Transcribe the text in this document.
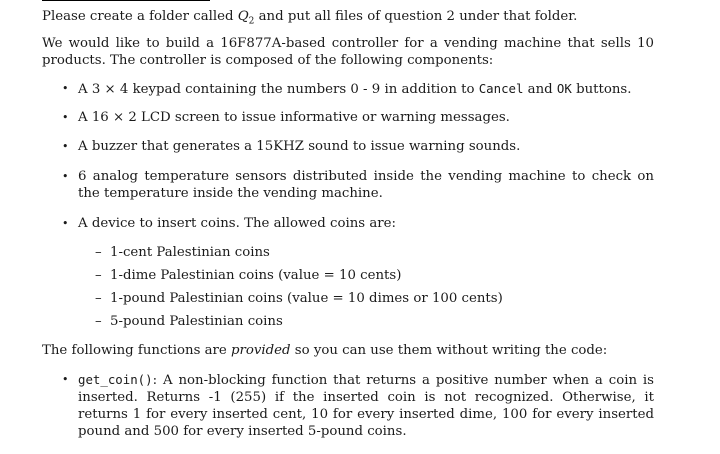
Please create a folder called $Q_2$ and put all files of question 2 under that folder.

We would like to build a 16F877A-based controller for a vending machine that sells 10 products. The controller is composed of the following components:

• A 3 × 4 keypad containing the numbers 0 - 9 in addition to Cancel and OK buttons.

• A 16 × 2 LCD screen to issue informative or warning messages.

• A buzzer that generates a 15KHZ sound to issue warning sounds.

• 6 analog temperature sensors distributed inside the vending machine to check on the temperature inside the vending machine.

• A device to insert coins. The allowed coins are:

– 1-cent Palestinian coins

– 1-dime Palestinian coins (value = 10 cents)

– 1-pound Palestinian coins (value = 10 dimes or 100 cents)

– 5-pound Palestinian coins

The following functions are provided so you can use them without writing the code:

• get_coin(): A non-blocking function that returns a positive number when a coin is inserted. Returns -1 (255) if the inserted coin is not recognized. Otherwise, it returns 1 for every inserted cent, 10 for every inserted dime, 100 for every inserted pound and 500 for every inserted 5-pound coins.
